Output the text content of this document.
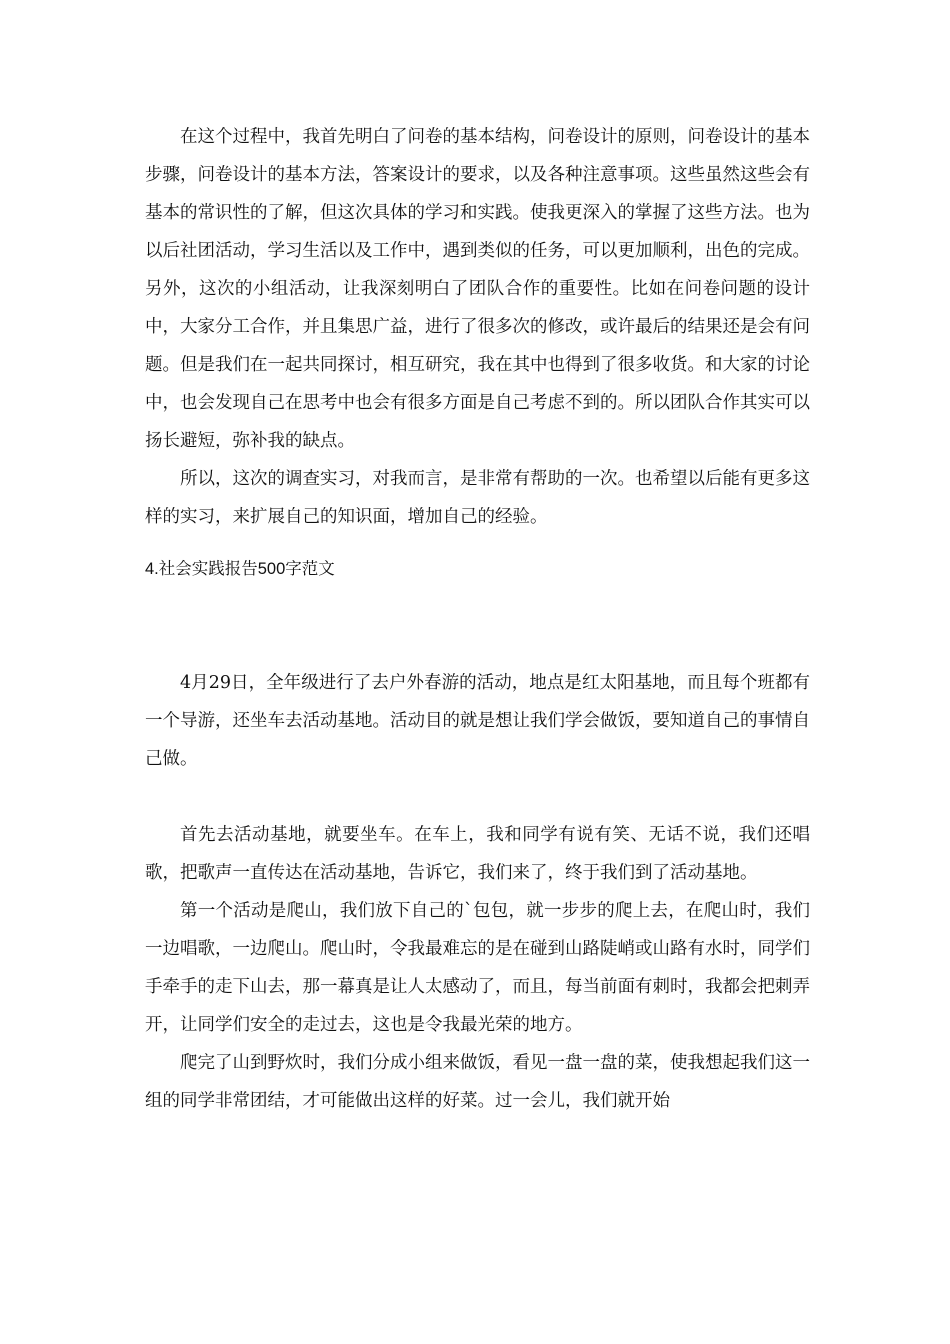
在这个过程中，我首先明白了问卷的基本结构，问卷设计的原则，问卷设计的基本步骤，问卷设计的基本方法，答案设计的要求，以及各种注意事项。这些虽然这些会有基本的常识性的了解，但这次具体的学习和实践。使我更深入的掌握了这些方法。也为以后社团活动，学习生活以及工作中，遇到类似的任务，可以更加顺利，出色的完成。另外，这次的小组活动，让我深刻明白了团队合作的重要性。比如在问卷问题的设计中，大家分工合作，并且集思广益，进行了很多次的修改，或许最后的结果还是会有问题。但是我们在一起共同探讨，相互研究，我在其中也得到了很多收货。和大家的讨论中，也会发现自己在思考中也会有很多方面是自己考虑不到的。所以团队合作其实可以扬长避短，弥补我的缺点。

所以，这次的调查实习，对我而言，是非常有帮助的一次。也希望以后能有更多这样的实习，来扩展自己的知识面，增加自己的经验。

4.社会实践报告500字范文

4月29日，全年级进行了去户外春游的活动，地点是红太阳基地，而且每个班都有一个导游，还坐车去活动基地。活动目的就是想让我们学会做饭，要知道自己的事情自己做。

首先去活动基地，就要坐车。在车上，我和同学有说有笑、无话不说，我们还唱歌，把歌声一直传达在活动基地，告诉它，我们来了，终于我们到了活动基地。

第一个活动是爬山，我们放下自己的`包包，就一步步的爬上去，在爬山时，我们一边唱歌，一边爬山。爬山时，令我最难忘的是在碰到山路陡峭或山路有水时，同学们手牵手的走下山去，那一幕真是让人太感动了，而且，每当前面有刺时，我都会把刺弄开，让同学们安全的走过去，这也是令我最光荣的地方。

爬完了山到野炊时，我们分成小组来做饭，看见一盘一盘的菜，使我想起我们这一组的同学非常团结，才可能做出这样的好菜。过一会儿，我们就开始
